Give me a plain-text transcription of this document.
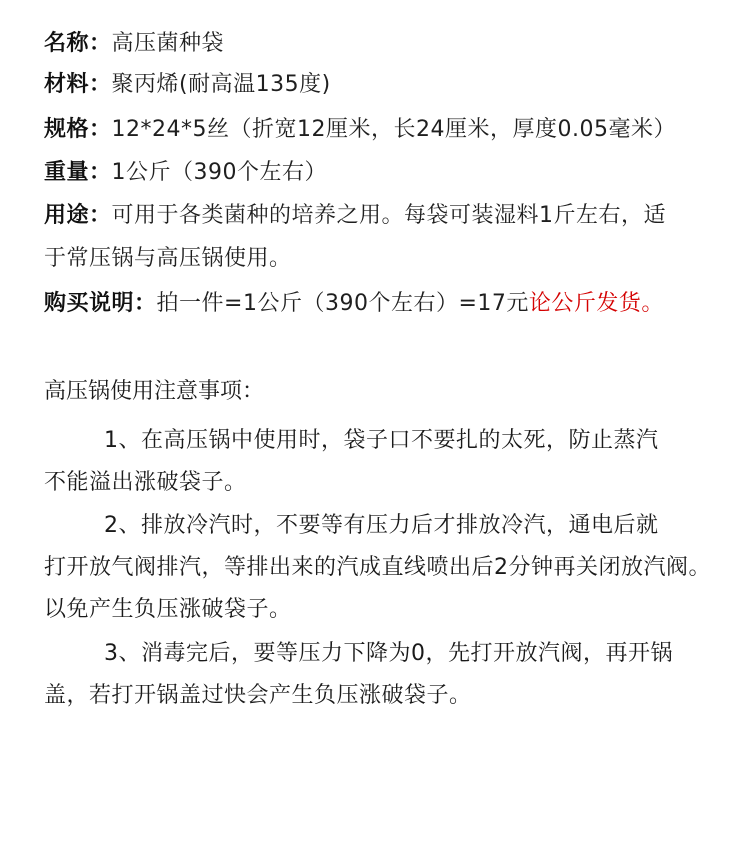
名称：高压菌种袋
材料：聚丙烯(耐高温135度)
规格：12*24*5丝（折宽12厘米，长24厘米，厚度0.05毫米）
重量：1公斤（390个左右）
用途：可用于各类菌种的培养之用。每袋可装湿料1斤左右，适
于常压锅与高压锅使用。
购买说明：拍一件=1公斤（390个左右）=17元论公斤发货。
高压锅使用注意事项：
1、在高压锅中使用时，袋子口不要扎的太死，防止蒸汽
不能溢出涨破袋子。
2、排放冷汽时，不要等有压力后才排放冷汽，通电后就
打开放气阀排汽，等排出来的汽成直线喷出后2分钟再关闭放汽阀。以免产生负压涨破袋子。
3、消毒完后，要等压力下降为0，先打开放汽阀，再开锅
盖，若打开锅盖过快会产生负压涨破袋子。
